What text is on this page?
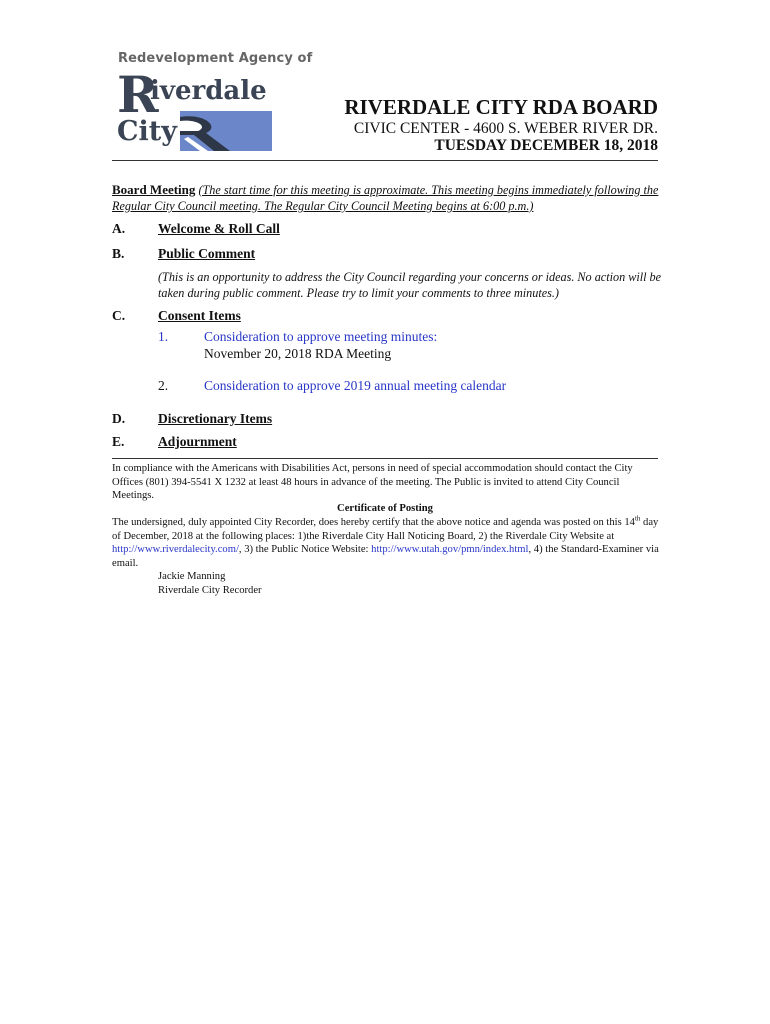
Redevelopment Agency of
R
iverdale
City
RIVERDALE CITY RDA BOARD
CIVIC CENTER - 4600 S. WEBER RIVER DR.
TUESDAY DECEMBER 18, 2018
Board Meeting (The start time for this meeting is approximate. This meeting begins immediately following the Regular City Council meeting. The Regular City Council Meeting begins at 6:00 p.m.)
A. Welcome & Roll Call
B. Public Comment
(This is an opportunity to address the City Council regarding your concerns or ideas. No action will be taken during public comment. Please try to limit your comments to three minutes.)
C. Consent Items
1.	Consideration to approve meeting minutes:
November 20, 2018 RDA Meeting
2.	Consideration to approve 2019 annual meeting calendar
D. Discretionary Items
E. Adjournment
In compliance with the Americans with Disabilities Act, persons in need of special accommodation should contact the City Offices (801) 394-5541 X 1232 at least 48 hours in advance of the meeting. The Public is invited to attend City Council Meetings.
Certificate of Posting
The undersigned, duly appointed City Recorder, does hereby certify that the above notice and agenda was posted on this 14th day of December, 2018 at the following places: 1)the Riverdale City Hall Noticing Board, 2) the Riverdale City Website at http://www.riverdalecity.com/, 3) the Public Notice Website: http://www.utah.gov/pmn/index.html, 4) the Standard-Examiner via email.
Jackie Manning
Riverdale City Recorder
